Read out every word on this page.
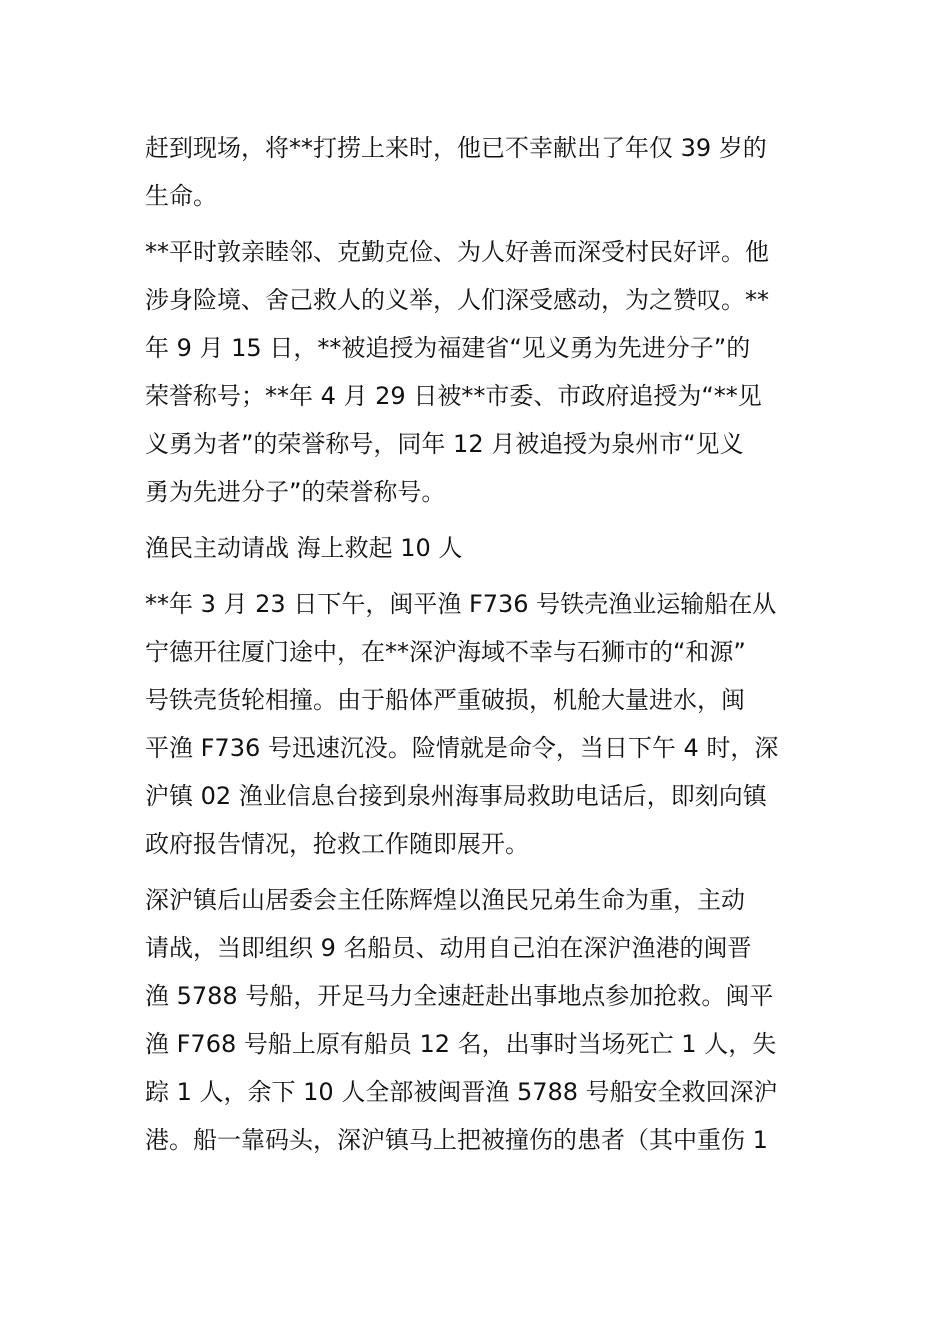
赶到现场，将**打捞上来时，他已不幸献出了年仅 39 岁的
生命。

**平时敦亲睦邻、克勤克俭、为人好善而深受村民好评。他
涉身险境、舍己救人的义举，人们深受感动，为之赞叹。**
年 9 月 15 日，**被追授为福建省“见义勇为先进分子”的
荣誉称号；**年 4 月 29 日被**市委、市政府追授为“**见
义勇为者”的荣誉称号，同年 12 月被追授为泉州市“见义
勇为先进分子”的荣誉称号。

渔民主动请战 海上救起 10 人

**年 3 月 23 日下午，闽平渔 F736 号铁壳渔业运输船在从
宁德开往厦门途中，在**深沪海域不幸与石狮市的“和源”
号铁壳货轮相撞。由于船体严重破损，机舱大量进水，闽
平渔 F736 号迅速沉没。险情就是命令，当日下午 4 时，深
沪镇 02 渔业信息台接到泉州海事局救助电话后，即刻向镇
政府报告情况，抢救工作随即展开。

深沪镇后山居委会主任陈辉煌以渔民兄弟生命为重，主动
请战，当即组织 9 名船员、动用自己泊在深沪渔港的闽晋
渔 5788 号船，开足马力全速赶赴出事地点参加抢救。闽平
渔 F768 号船上原有船员 12 名，出事时当场死亡 1 人，失
踪 1 人，余下 10 人全部被闽晋渔 5788 号船安全救回深沪
港。船一靠码头，深沪镇马上把被撞伤的患者（其中重伤 1
